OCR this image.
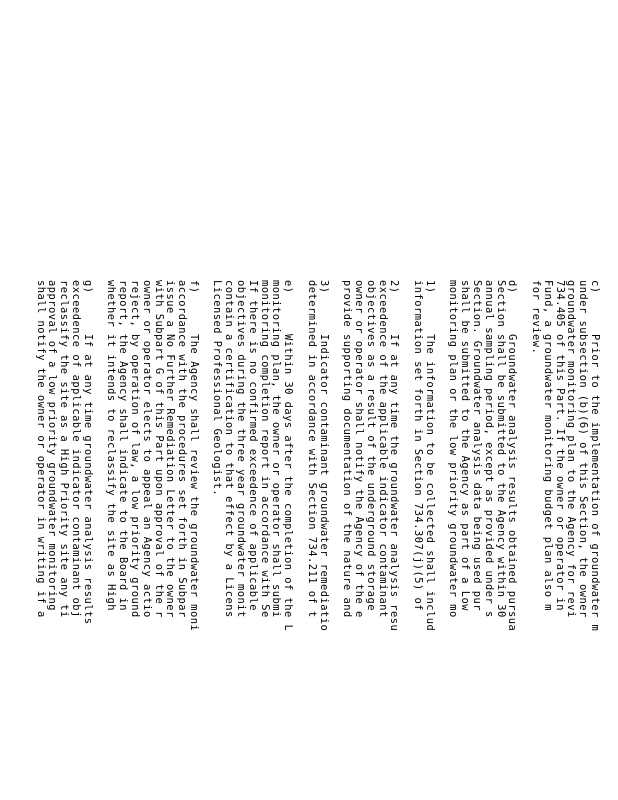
c)      Prior to the implementation of groundwater m
under subsection (b)(6) of this Section, the owner
groundwater monitoring plan to the Agency for revi
734.405 of this Part. If the owner or operator in
Fund, a groundwater monitoring budget plan also m
for review.
d)      Groundwater analysis results obtained pursua
Section shall be submitted to the Agency within 30
annual sampling period, except as provided under s
Section. Groundwater analysis data being used pur
shall be submitted to the Agency as part of a Low
monitoring plan or the low priority groundwater mo
1)      The information to be collected shall includ
information set forth in Section 734.307(j)(5) of
2)      If at any time the groundwater analysis resu
exceedence of the applicable indicator contaminant
objectives as a result of the underground storage
owner or operator shall notify the Agency of the e
provide supporting documentation of the nature and
3)      Indicator contaminant groundwater remediatio
determined in accordance with Section 734.211 of t
e)      Within 30 days after the completion of the L
monitoring plan, the owner or operator shall submi
monitoring completion report in accordance with Se
If there is no confirmed exceedence of applicable
objectives during the three year groundwater monit
contain a certification to that effect by a Licens
Licensed Professional Geologist.
f)      The Agency shall review the groundwater moni
accordance with the procedures set forth in Subpar
issue a No Further Remediation Letter to the owner
with Subpart G of this Part upon approval of the r
owner or operator elects to appeal an Agency actio
reject, by operation of law, a low priority ground
report, the Agency shall indicate to the Board in
whether it intends to reclassify the site as High
g)      If at any time groundwater analysis results
exceedence of applicable indicator contaminant obj
reclassify the site as a High Priority site any ti
approval of a low priority groundwater monitoring
shall notify the owner or operator in writing if a
